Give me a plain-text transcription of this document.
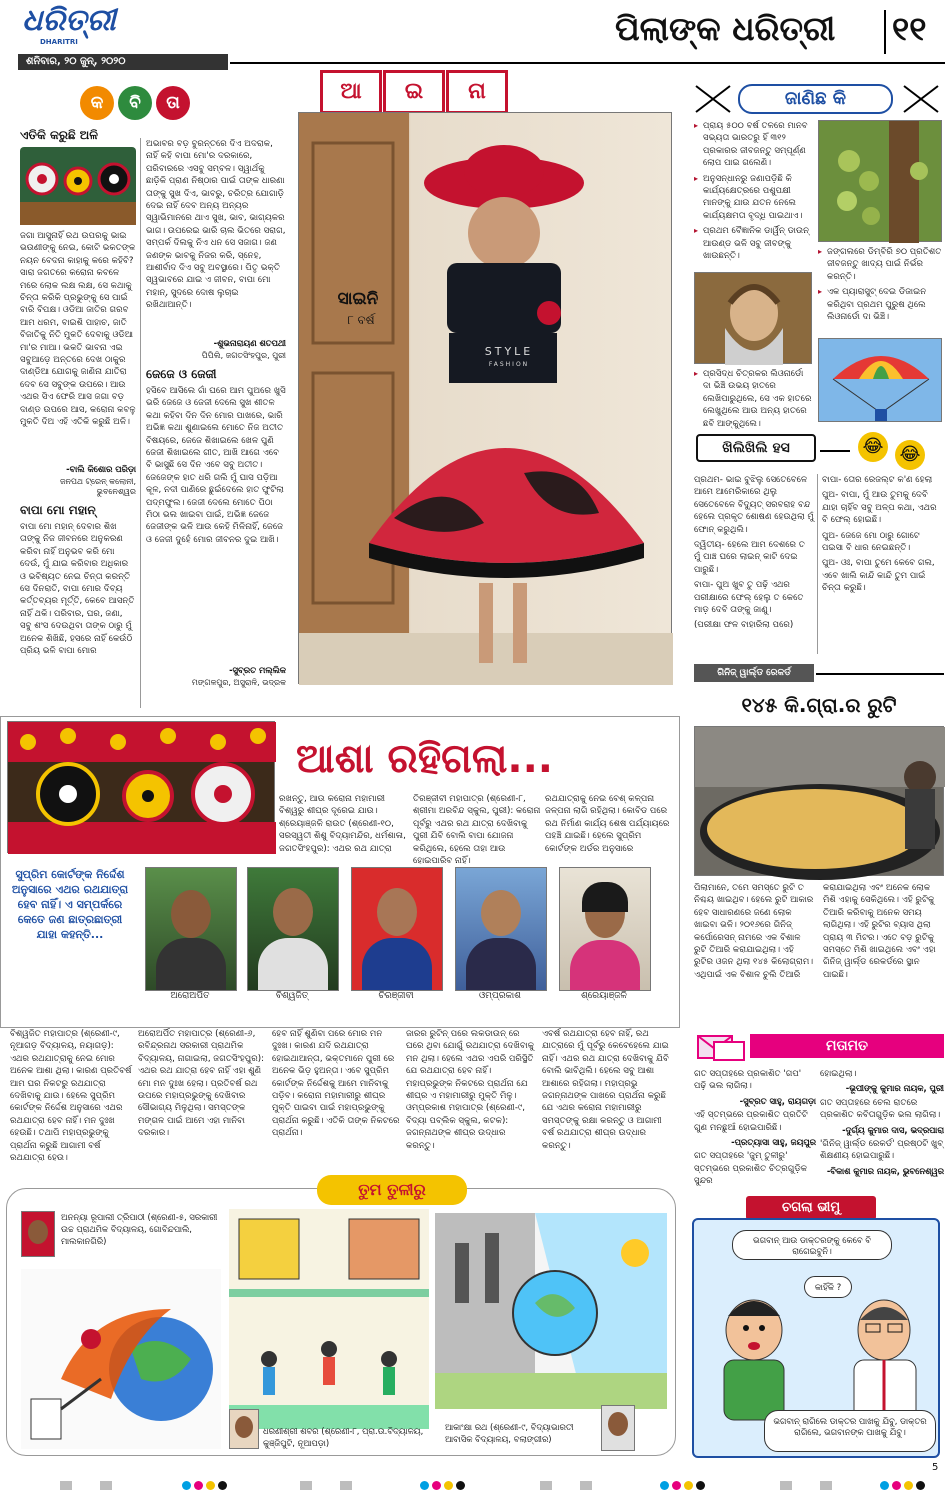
ଧରିତ୍ରୀ
DHARITRI
ଶନିବାର, ୨୦ ଜୁନ୍, ୨୦୨୦
ପିଲାଙ୍କ ଧରିତ୍ରୀ	୧୧
କ	ବି	ତା
ଏତିକି କରୁଛି ଅଳି
ଜଗା ଆସୁନାହିଁ ରଥ ଉପରକୁ ଭାଇ ଭଉଣୀଙ୍କୁ ନେଇ, କୋଟି ଭକତଙ୍କ ନୟନ ବେଦନା କାହାକୁ କରେ କହିବି? ସାରା ଜଗତରେ କରୋନା କବଳେ ମରେ ଲୋକ ଲକ୍ଷ ଲକ୍ଷ, ସେ କଥାକୁ ଚିନ୍ତା କରିକି ପ୍ରଭୁଙ୍କୁ ସେ ପାଇଁ ବାରି ବିପକ୍ଷ। ଓଡିଆ ଜାତିର ଗରବ ଆମ ଧରମ, ବାଇଶି ପାହାଚ, ଜାତି ବିଜାତିକୁ ନିତି ମୁକତି ଦେବାକୁ ଓଡିଆ ମା'ର ମାଆ। ଭକତି ଭାବନା ଏଇ ସବୁଆଡ଼େ ଅନ୍ତରେ ଦେଖ ଠାକୁର ଦାଣ୍ଡିଆ ଯୋଗକୁ ଜାଣିନା ଯାତିରା ଦେବ ସେ ସବୁଙ୍କ ଉପରେ। ଆଉ ଏଥର ସିଏ ଫେରି ଆସ ଜଗା ବଡ଼ ଦାଣ୍ଡ ଉପରେ ଆସ, କରୋନା କବଳୁ ମୁକତି ଦିଅ ଏହି ଏତିକି କରୁଛି ଅଳି।
-ବାଲି କିଶୋର ପରିଡ଼ା
ଜନପଥ ଟ୍ରେନ୍ କଲୋନୀ, ଭୁବନେଶ୍ୱର
ବାପା ମୋ ମହାନ୍
ବାପା ମୋ ମହାନ୍ ଦେବାର ଶିଖ ତାଙ୍କୁ ନିଜ ଜୀବନରେ ଅନୁକରଣ କରିବା ନାହିଁ ଅନୁଭବ କରି ମୋ ଦେଉଁ, ମୁଁ ଯାଇ କରିବାର ଅଧିକାର ଓ ଭବିଷ୍ୟତ ନେଇ ଚିନ୍ତା କରନ୍ତି ସେ ଦିନରାତି, ବାପା ମୋର ଦିବ୍ୟ କର୍ତ୍ତବ୍ୟର ମୂର୍ତ୍ତି, କେବେ ଆସନ୍ତି ନାହିଁ ଥକି। ପରିବାର, ଘର, ଜଣା, ସବୁ ଶଂସ ଦେଉଥିବା ତାଙ୍କ ଠାରୁ ମୁଁ ଅନେକ ଶିଖିଛି, ହସରେ ନାହିଁ କେଉଁଠି ପ୍ରିୟ ଭଳି ବାପା ମୋର
ଅଭାବର ବଡ଼ ବୁରନ୍ତରେ ଦିଏ ଅଦରାକ, ନାହିଁ କହି ବାପା ମୋ'ର ଦରକାରେ, ପରିବାରରେ ଏସବୁ ସମ୍ବଳ। ସ୍ୱାର୍ଥକୁ ଛାଡ଼ିକି ପ୍ରାଣ ନିଷ୍ଠାର ପାଇଁ ତାଙ୍କ ଧାରଣା ତାଙ୍କୁ ସୁଖ ଦିଏ, ଭାବରୁ, ଚରିତ୍ର ଯୋଗାଡ଼ି ଦେଇ ନାହିଁ ଦେବ ଅନ୍ୟ ଅନ୍ୟର ସ୍ୱାଭିମାନରେ ଥାଏ ସୁଖ, ଭାବ, ଭାଗ୍ୟକର ଭାଗ। ଉପରେଇ ଭାରି ଚାଲ ଭିତରେ ସରାଗ, ସମ୍ପର୍କ ଦିଲକୁ ନିଏ ଧନ ସେ ସଜାଗ। ଜଣ ଜଣଙ୍କ ଭାବକୁ ନିଜର କରି, ସ୍ନେହ, ଆଶୀର୍ବାଦ ଦିଏ ସବୁ ଅବସ୍ଥାରେ। ପିତୃ ଭକ୍ତି ସ୍ୱଭାବରେ ଯାଇ ଏ ଜୀବନ, ବାପା ମୋ ମହାନ୍, ସୁଦରେ ଦୋଷ ଲୁଚାଇ ରଖିଥାଆନ୍ତି।
-ଶୁଭନାରାୟଣ ଶତପଥୀ
ପିପିଲି, ଜଗତସିଂହପୁର, ପୁରୀ
ଜେଜେ ଓ ଜେଜୀ
ହସିବେ ଆସିଲେ ଗାଁ ଘରେ ଆମ ପୁଅରେ ଖୁସି ଭରି ଜେଜେ ଓ ଜେଜୀ ଦେଲେ ସୁଖ ଶୀତଳ କଥା କହିବା ଦିନ ଦିନ ମୋର ପାଖରେ, ଭାରି ଅଭିଜ୍ଞ କଥା ଶୁଣାଇଲେ ମୋତେ ନିଜ ଅତୀତ ବିଷୟରେ, ଜେଜେ ଶିଖାଇଲେ ଖେଳ ପୁଣି ଜେଜୀ ଶିଖାଇଲେ ଗୀତ, ଆଖି ଆଗେ ଏବେ ବି ଭାସୁଛି ସେ ଦିନ ଏବେ ସବୁ ଅତୀତ। ଜେଜେଙ୍କ ହାତ ଧରି ଗଲି ମୁଁ ଘାସ ପଡ଼ିଆ କୂଳ, ନଦୀ ପାଣିରେ ଛୁଇଁଦେଲେ ହାତ ଫୁଟିଲା ପଦ୍ମଫୁଲ। ଜେଜୀ ଦେଲେ ମୋତେ ପିଠା ମିଠା ଭଲ ଖାଇବା ପାଇଁ, ଅଭିଜ୍ଞ ଜେଜେ ଜେଜୀଙ୍କ ଭଳି ଆଉ କେହି ମିଳିନାହିଁ, ଜେଜେ ଓ ଜେଜୀ ଦୁହେଁ ମୋର ଜୀବନର ଦୁଇ ଆଖି।
-ସୁବ୍ରତ ମଲ୍ଲିକ
ମଙ୍ଗଳପୁର, ଅସୁରାଳି, ଭଦ୍ରକ
ଆ	ଇ	ନା
STYLE
FASHION
ସାଇନି
୮ ବର୍ଷ
ଜାଣିଛ କି
▸ ପ୍ରାୟ ୫୦୦ ବର୍ଷ ତଳରେ ମାନବ ସଭ୍ୟତା ଭାରତରୁ ହିଁ ୩୧୨ ପ୍ରକାରର ଜୀବଜନ୍ତୁ ସମ୍ପୂର୍ଣ୍ଣ ଲୋପ ପାଇ ଗଲେଣି।
▸ ଅନୁସନ୍ଧାନରୁ ଜଣାପଡ଼ିଛି କି କାର୍ଯ୍ୟକ୍ଷେତ୍ରରେ ପଶୁପକ୍ଷୀ ମାନଙ୍କୁ ଯାଉ ଯତନ ନେଲେ କାର୍ଯ୍ୟକ୍ଷମତା ବୃଦ୍ଧି ପାଇଥାଏ।
▸ ପ୍ରଥମ ବୈଜ୍ଞାନିକ ଡାର୍ୱିନ୍ ଡାଉନ୍ ଆଉଣ୍ଡ ଭଳି ସବୁ ଜୀବଙ୍କୁ ଖାଉଛନ୍ତି।
▸	ଜଙ୍ଗଲରେ ଡିମ୍ବିରି ୭୦ ପ୍ରତିଶତ ଜୀବଜନ୍ତୁ ଖାଦ୍ୟ ପାଇଁ ନିର୍ଭର କରନ୍ତି।
▸ ଏକ ପ୍ୟାରାସୁଟ୍ ଦେଇ ଡିଜାଇନ କରିଥିବା ପ୍ରଥମ ପୁରୁଷ ଥିଲେ ଲିଓନାର୍ଡୋ ଦା ଭିଞ୍ଚି।
▸ ପ୍ରସିଦ୍ଧ ଚିତ୍ରକର ଲିଓନାର୍ଡୋ ଦା ଭିଞ୍ଚି ଉଭୟ ହାତରେ ଲେଖିପାରୁଥିଲେ, ସେ ଏକ ହାତରେ ଲେଖୁଥିଲେ ଆଉ ଅନ୍ୟ ହାତରେ ଛବି ଆଙ୍କୁଥିଲେ।
ଖିଲିଖିଲି ହସ	😂 😂

ପ୍ରଥମ- ଭାଇ ବୁଝିଲୁ ସେତେବେଳେ ଆମେ ଆମେରିକାରେ ଥିଲୁ ସେତେବେଳେ ବିଦ୍ୟୁତ୍ ସରବରାହ ବନ୍ଦ ହେଲେ ପ୍ରକୃତ ଶୋଷଣ ହେଉଥିଲା ମୁଁ ଫୋନ୍ କରୁଥିଲି।

ଦ୍ୱିତୀୟ- ହେଲେ ଆମ ଦେଶରେ ତ ମୁଁ ପାଞ୍ଚ ଘରେ ଲାଇନ୍ କାଟି ଦେଇ ପାରୁଛି।

ବାପା- ପୁଅ ଖୁବ ତୁ ପଢ଼ି ଏଥର ପରୀକ୍ଷାରେ ଫେଲ୍ ହେଲୁ ତ କେତେ ମାଡ଼ ଦେବି ତାଙ୍କୁ ଜାଣୁ।

(ପରୀକ୍ଷା ଫଳ ବାହାରିଲା ପରେ)

ବାପା- ତୋର ରେଜଲ୍ଟ କ'ଣ ହେଲା

ପୁଅ- ବାପା, ମୁଁ ଆଉ ତୁମକୁ ଦେବି ଯାହା ଚାହିଁବ ସବୁ ଅଳ୍ପ କଥା, ଏଥର ବି ଫେଲ୍ ହୋଇଛି।

ପୁଅ- ଜେଜେ ମୋ ଠାରୁ ଗୋଟେ ପଇସା ବି ଧାର ନେଇଛନ୍ତି।

ପୁଅ- ଓଃ, ବାପା ତୁମେ କେବେ ଗଲ, ଏବେ ଖାଲି କାନ୍ଦି କାନ୍ଦି ତୁମ ପାଇଁ ଚିନ୍ତା କରୁଛି।

ଗିନିଜ୍ ୱାର୍ଲ୍ଡ ରେକର୍ଡ
୧୪୫ କି.ଗ୍ରା.ର ରୁଟି
ପିଲାମାନେ, ତମେ ସମସ୍ତେ ରୁଟି ତ ନିଶ୍ଚୟ ଖାଇଥିବ। ହେଲେ ରୁଟି ଆକାର ହେବ ସାଧାରଣରେ ଜଣେ ଲୋକ ଖାଇବା ଭଳି। ୨୦୧୬ରେ ଗିନିଜ୍ କର୍ପୋରେସନ୍ ନାମରେ ଏକ ବିଶାଳ ରୁଟି ତିଆରି କରାଯାଇଥିଲା। ଏହି ରୁଟିର ଓଜନ ଥିଲା ୧୪୫ କିଲୋଗ୍ରାମ। ଏଥିପାଇଁ ଏକ ବିଶାଳ ଚୁଲି ତିଆରି କରାଯାଇଥିଲା ଏବଂ ଅନେକ ଲୋକ ମିଶି ଏହାକୁ ସେକିଥିଲେ। ଏହି ରୁଟିକୁ ତିଆରି କରିବାକୁ ଅନେକ ସମୟ ଲାଗିଥିଲା। ଏହି ରୁଟିର ବ୍ୟାସ ଥିଲା ପ୍ରାୟ ୩ ମିଟର। ଏତେ ବଡ଼ ରୁଟିକୁ ସମସ୍ତେ ମିଶି ଖାଇଥିଲେ ଏବଂ ଏହା ଗିନିଜ୍ ୱାର୍ଲ୍ଡ ରେକର୍ଡରେ ସ୍ଥାନ ପାଇଛି।
ଆଶା ରହିଗଲା...
ରଖନ୍ତୁ, ଆଉ କରୋନା ମହାମାରୀ ବିଶ୍ୱରୁ ଶୀଘ୍ର ଦୂରେଇ ଯାଉ। ଶ୍ରେୟାଞ୍ଜଳି ରାଉତ (ଶ୍ରେଣୀ-୧୦, ସରସ୍ୱତୀ ଶିଶୁ ବିଦ୍ୟାମନ୍ଦିର, ଧର୍ମଶାଳା, ଜଗତସିଂହପୁର): ଏଥର ରଥ ଯାତ୍ରା
ତିରଞ୍ଜୀବୀ ମହାପାତ୍ର (ଶ୍ରେଣୀ-୮, ଶ୍ରୀମା ଅରବିନ୍ଦ ସ୍କୁଲ, ପୁରୀ): କରୋନା ପୂର୍ବରୁ ଏଥର ରଥ ଯାତ୍ରା ଦେଖିବାକୁ ପୁରୀ ଯିବି ବୋଲି ବାପା ଯୋଜନା କରିଥିଲେ, ହେଲେ ତାହା ଆଉ ହୋଇପାରିବ ନାହିଁ।
ରଥଯାତ୍ରାକୁ ନେଇ ବେଶ୍ କଳ୍ପନା ଜଳ୍ପନା ଲାଗି ରହିଥିଲା। କୋବିଡ ପରେ ରଥ ନିର୍ମାଣ କାର୍ଯ୍ୟ ଶେଷ ପର୍ଯ୍ୟାୟରେ ପହଞ୍ଚି ଯାଇଛି। ହେଲେ ସୁପ୍ରିମ କୋର୍ଟଙ୍କ ଅର୍ଡର ଅନୁସାରେ
ସୁପ୍ରିମ କୋର୍ଟଙ୍କ ନିର୍ଦ୍ଦେଶ ଅନୁସାରେ ଏଥର ରଥଯାତ୍ରା ହେବ ନାହିଁ। ଏ ସମ୍ପର୍କରେ କେତେ ଜଣ ଛାତ୍ରଛାତ୍ରୀ ଯାହା କହନ୍ତି...
ଅରୋଅର୍ପିତ	ବିଶ୍ୱଜିତ୍	ଚିରଞ୍ଜୀବୀ	ଓମ୍‌ପ୍ରକାଶ	ଶ୍ରେୟାଞ୍ଜଳି
ବିଶ୍ୱଜିତ ମହାପାତ୍ର (ଶ୍ରେଣୀ-୯, ନୂଆଗଡ଼ ବିଦ୍ୟାଳୟ, ନୟାଗଡ଼): ଏଥର ରଥଯାତ୍ରାକୁ ନେଇ ମୋର ଅନେକ ଆଶା ଥିଲା। କାରଣ ପ୍ରତିବର୍ଷ ଆମ ଘର ନିକଟରୁ ରଥଯାତ୍ରା ଦେଖିବାକୁ ଯାଉ। ହେଲେ ସୁପ୍ରିମ କୋର୍ଟଙ୍କ ନିର୍ଦ୍ଦେଶ ଅନୁସାରେ ଏଥର ରଥଯାତ୍ରା ହେବ ନାହିଁ। ମନ ଦୁଃଖ ହେଉଛି। ତଥାପି ମହାପ୍ରଭୁଙ୍କୁ ପ୍ରାର୍ଥନା କରୁଛି ଆଗାମୀ ବର୍ଷ ରଥଯାତ୍ରା ହେଉ।
ଅରୋଅର୍ପିତ ମହାପାତ୍ର (ଶ୍ରେଣୀ-୬, ରବିନ୍ଦ୍ରନାଥ ସରକାରୀ ପ୍ରାଥମିକ ବିଦ୍ୟାଳୟ, ନାଗାଇଲା, ଜଗତସିଂହପୁର): ଏଥର ରଥ ଯାତ୍ରା ହେବ ନାହିଁ ଏହା ଶୁଣି ମୋ ମନ ଦୁଃଖ ହେଲା। ପ୍ରତିବର୍ଷ ରଥ ଉପରେ ମହାପ୍ରଭୁଙ୍କୁ ଦେଖିବାର ସୌଭାଗ୍ୟ ମିଳୁଥିଲା। ସମସ୍ତଙ୍କ ମଙ୍ଗଳ ପାଇଁ ଆମେ ଏହା ମାନିବା ଦରକାର।
ହେବ ନାହିଁ ଶୁଣିବା ପରେ ମୋର ମନ ଦୁଃଖ। କାରଣ ଯଦି ରଥଯାତ୍ରା ହୋଇଥାଆନ୍ତା, ଭକ୍ତମାନେ ପୁରୀ ରେ ଅନେକ ଭିଡ଼ ହୁଅନ୍ତା। ଏବେ ସୁପ୍ରିମ କୋର୍ଟଙ୍କ ନିର୍ଦ୍ଦେଶକୁ ଆମେ ମାନିବାକୁ ପଡ଼ିବ। କରୋନା ମହାମାରୀରୁ ଶୀଘ୍ର ମୁକ୍ତି ପାଇବା ପାଇଁ ମହାପ୍ରଭୁଙ୍କୁ ପ୍ରାର୍ଥନା କରୁଛି। ଏତିକି ତାଙ୍କ ନିକଟରେ ପ୍ରାର୍ଥନା।
ଜାରର ରୁଟିନ୍ ପରେ ଲକଡାଉନ୍ ରେ ଘରେ ଥିବା ଯୋଗୁଁ ରଥଯାତ୍ରା ଦେଖିବାକୁ ମନ ଥିଲା। ହେଲେ ଏଥର ଏପରି ପରିସ୍ଥିତି ଯେ ରଥଯାତ୍ରା ହେବ ନାହିଁ। ମହାପ୍ରଭୁଙ୍କ ନିକଟରେ ପ୍ରାର୍ଥନା ଯେ ଶୀଘ୍ର ଏ ମହାମାରୀରୁ ମୁକ୍ତି ମିଳୁ। ଓମ୍‌ପ୍ରକାଶ ମହାପାତ୍ର (ଶ୍ରେଣୀ-୯, ବିଦ୍ୟା ପବ୍ଲିକ ସ୍କୁଲ, କଟକ): ଜଗନ୍ନାଥଙ୍କ ଶୀଘ୍ର ଉଦ୍ଧାର କରନ୍ତୁ।
ଏବର୍ଷ ରଥଯାତ୍ରା ହେବ ନାହିଁ, ରଥ ଯାତ୍ରାରେ ମୁଁ ପୂର୍ବରୁ କେବେହେଲେ ଯାଇ ନାହିଁ। ଏଥର ରଥ ଯାତ୍ରା ଦେଖିବାକୁ ଯିବି ବୋଲି ଭାବିଥିଲି। ହେଲେ ସବୁ ଆଶା ଆଶାରେ ରହିଗଲା। ମହାପ୍ରଭୁ ଜଗନ୍ନାଥଙ୍କ ପାଖରେ ପ୍ରାର୍ଥନା କରୁଛି ଯେ ଏଥର କରୋନା ମହାମାରୀରୁ ସମସ୍ତଙ୍କୁ ରକ୍ଷା କରନ୍ତୁ ଓ ଆଗାମୀ ବର୍ଷ ରଥଯାତ୍ରା ଶୀଘ୍ର ଉଦ୍ଧାର କରନ୍ତୁ।
ମତାମତ
ଗତ ସପ୍ତାହରେ ପ୍ରକାଶିତ 'ଗପ' ପଢ଼ି ଭଲ ଲାଗିଲା।
-ସୁବ୍ରତ ସାହୁ, ରାୟଗଡ଼ା
ଏହି ସ୍ତମ୍ଭରେ ପ୍ରକାଶିତ ପ୍ରତିଟି ଗୁଣ ମନଛୁଆଁ ହୋଇପାରିଛି।
-ପ୍ରତ୍ୟାସା ସାହୁ, ଜୟପୁର
ଗତ ସପ୍ତାହରେ 'ଜୁମ୍ ତୁଳୀରୁ' ସ୍ତମ୍ଭରେ ପ୍ରକାଶିତ ଚିତ୍ରଗୁଡ଼ିକ ସୁନ୍ଦର
ହୋଇଥିଲା।
-ଭୂପୀଙ୍କୁ କୁମାର ନାୟକ, ପୁରୀ
ଗତ ସପ୍ତାହରେ ଚେଲ ରାତରେ ପ୍ରକାଶିତ କବିତାଗୁଡ଼ିକ ଭଲ ଲାଗିଲା।
-ଦୁର୍ଗ୍ୟ କୁମାର ଦାସ, ଭଦ୍ରପାରା
'ଗିନିଜ୍ ୱାର୍ଲ୍ଡ ରେକର୍ଡ' ପ୍ରଷ୍ଠଟି ଖୁବ୍ ଶିକ୍ଷଣୀୟ ହୋଇପାରୁଛି।
-ବିକାଶ କୁମାର ନାୟକ, ଭୁବନେଶ୍ୱର
ତୁମ ତୁଳୀରୁ
ଅନନ୍ୟା ରୂପାଲୀ ତ୍ରିପାଠୀ (ଶ୍ରେଣୀ-୫, ସରକାରୀ ଉଚ୍ଚ ପ୍ରାଥମିକ ବିଦ୍ୟାଳୟ, ଗୋବିନ୍ଦପାଲି, ମାଲକାନଗିରି)
ଧରଣୀଶ୍ରୀ ଶବର (ଶ୍ରେଣୀ-୮, ପ୍ରା.ଉ.ବିଦ୍ୟାଳୟ, କୁଞ୍ଜିପୁଟି, ନୂଆପଡ଼ା)
ଆକାଂକ୍ଷା ରଥ (ଶ୍ରେଣୀ-୯, ବିଦ୍ୟାଭାରତୀ ଆବାସିକ ବିଦ୍ୟାଳୟ, ବଲାଙ୍ଗୀର)
ଚଗଲା ଭୀମୁ
ଭଗବାନ୍ ଆଉ ଡାକ୍ତରଙ୍କୁ କେବେ ବି ରାଗେଇବୁନି।
କାହିଁକି ?
ଭଗବାନ୍ ରାଗିଲେ ଡାକ୍ତର ପାଖକୁ ଯିବୁ, ଡାକ୍ତର ରାଗିଲେ, ଭଗବାନଙ୍କ ପାଖକୁ ଯିବୁ।
5
